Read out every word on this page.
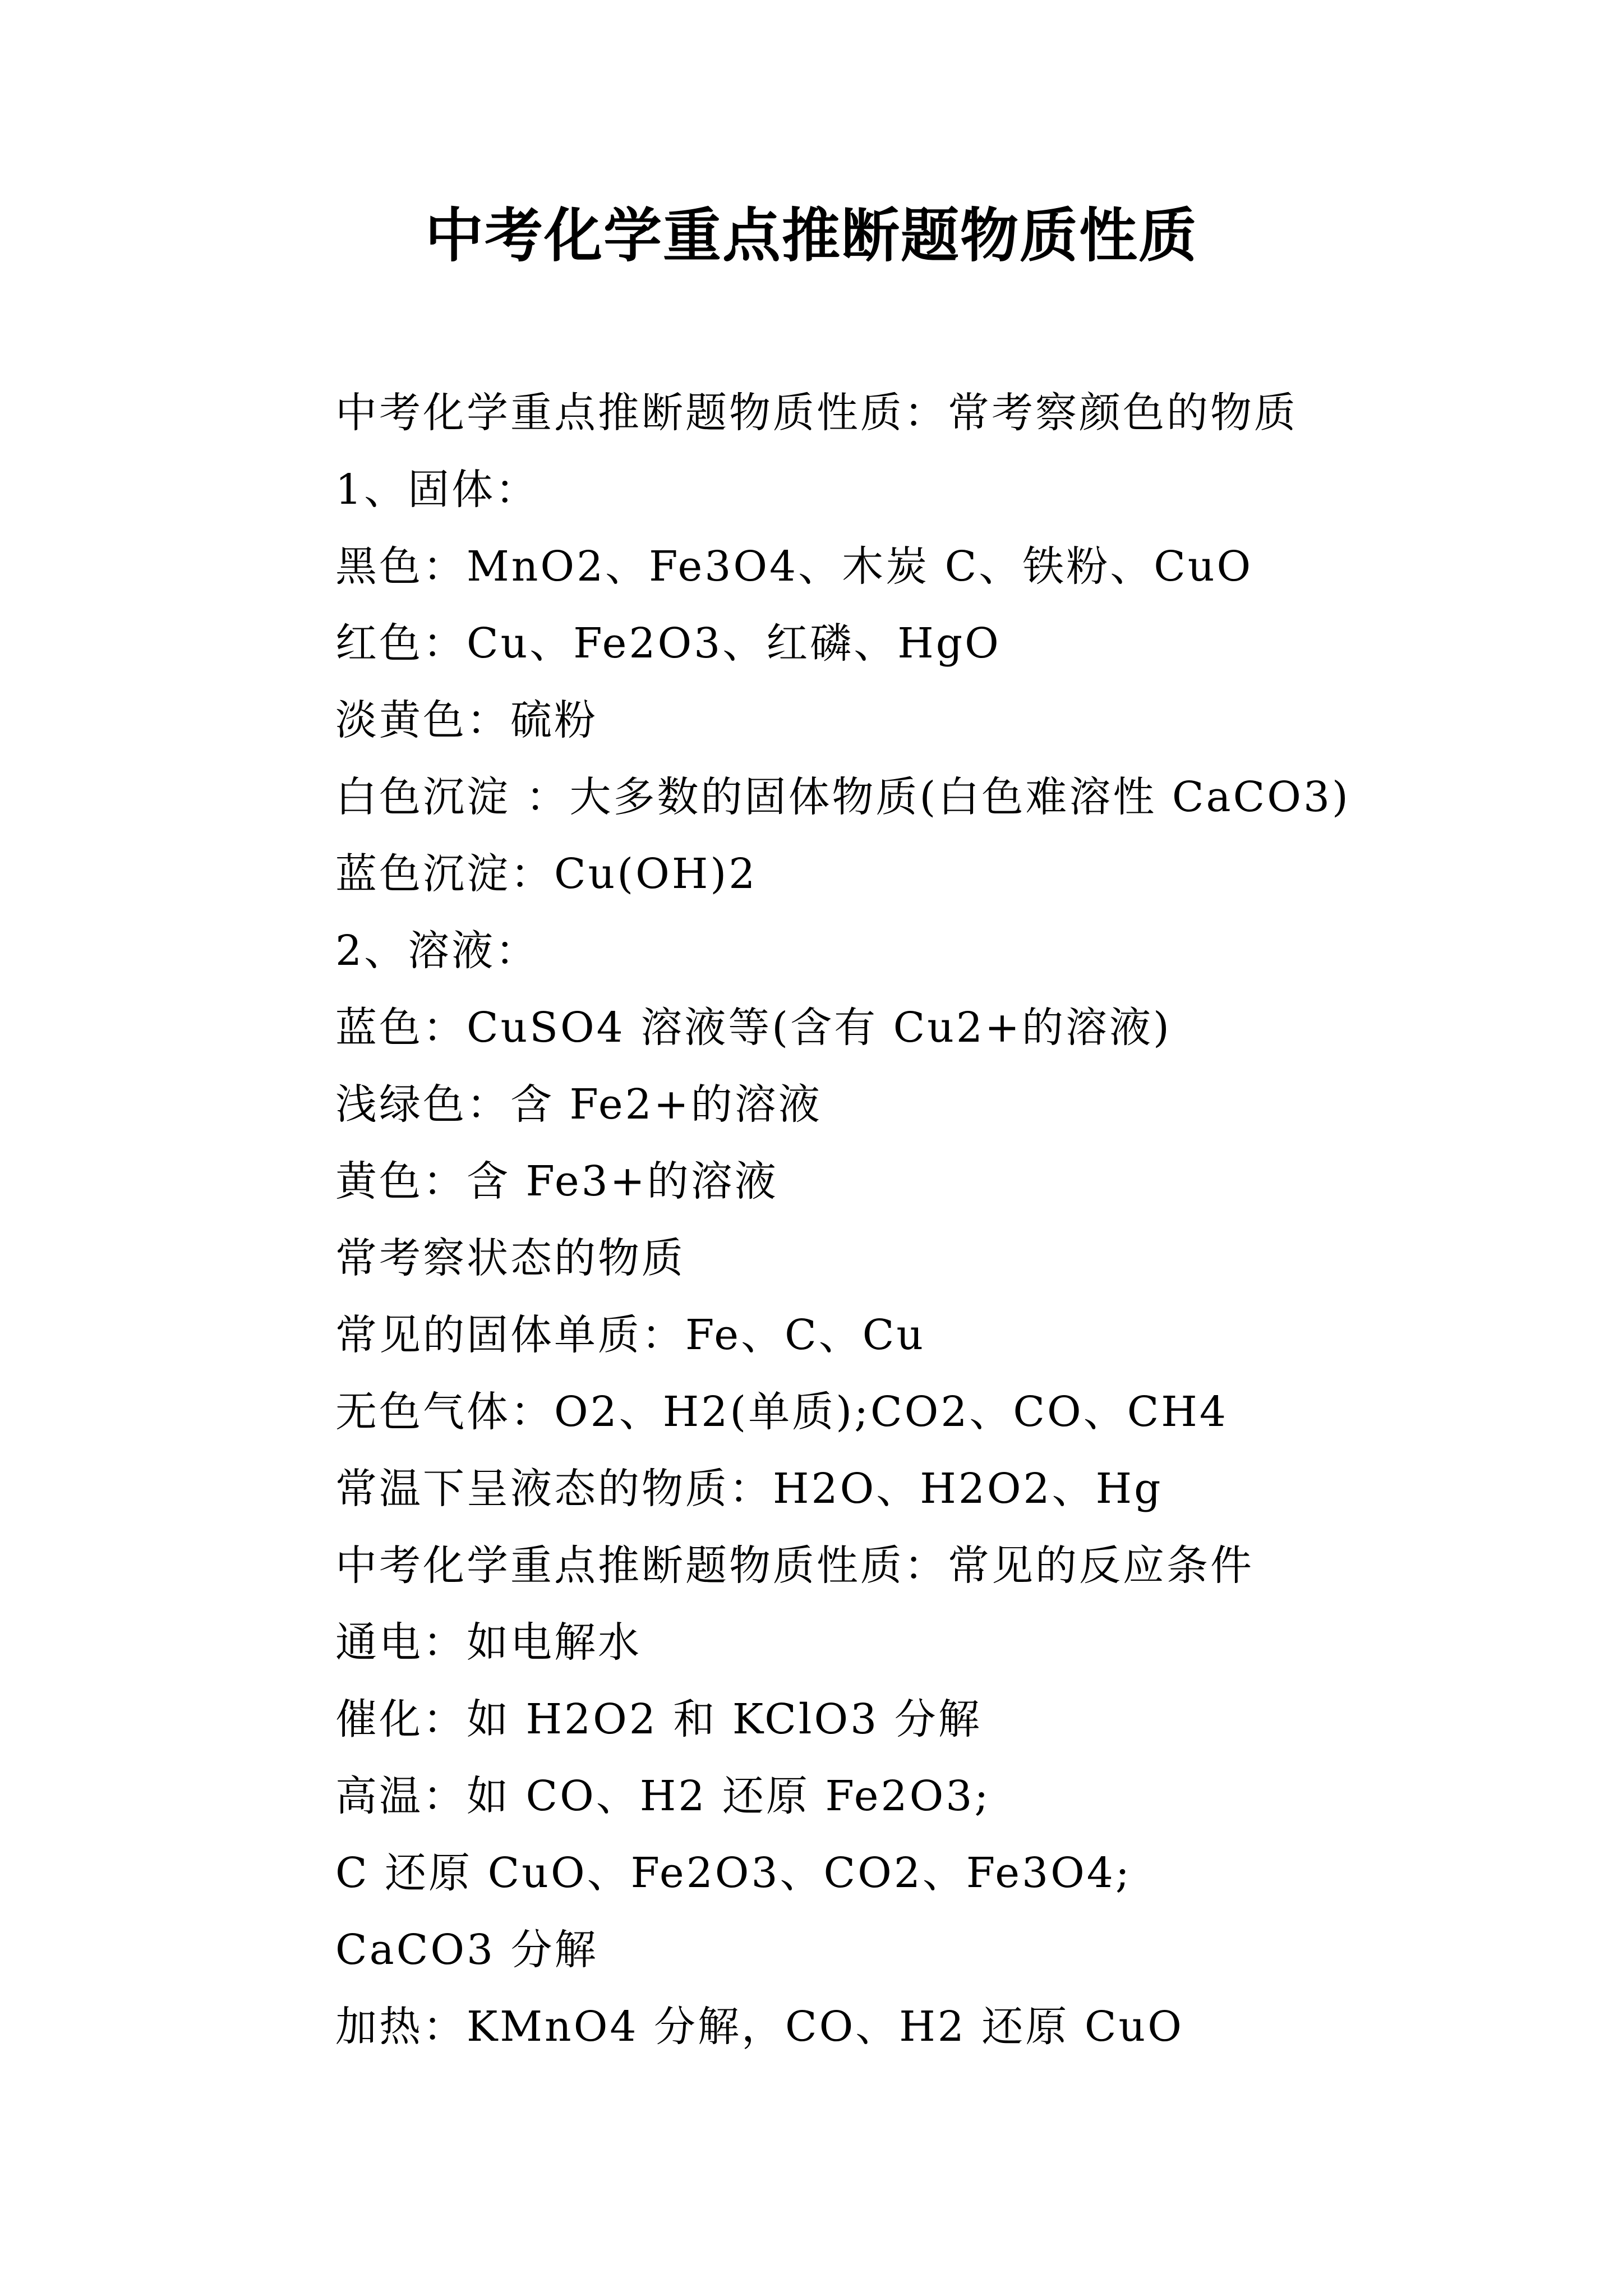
中考化学重点推断题物质性质
中考化学重点推断题物质性质：常考察颜色的物质
1、固体：
黑色：MnO2、Fe3O4、木炭 C、铁粉、CuO
红色：Cu、Fe2O3、红磷、HgO
淡黄色：硫粉
白色沉淀 ：大多数的固体物质(白色难溶性 CaCO3)
蓝色沉淀：Cu(OH)2
2、溶液：
蓝色：CuSO4 溶液等(含有 Cu2+的溶液)
浅绿色：含 Fe2+的溶液
黄色：含 Fe3+的溶液
常考察状态的物质
常见的固体单质：Fe、C、Cu
无色气体：O2、H2(单质);CO2、CO、CH4
常温下呈液态的物质：H2O、H2O2、Hg
中考化学重点推断题物质性质：常见的反应条件
通电：如电解水
催化：如 H2O2 和 KClO3 分解
高温：如 CO、H2 还原 Fe2O3;
C 还原 CuO、Fe2O3、CO2、Fe3O4;
CaCO3 分解
加热：KMnO4 分解，CO、H2 还原 CuO
